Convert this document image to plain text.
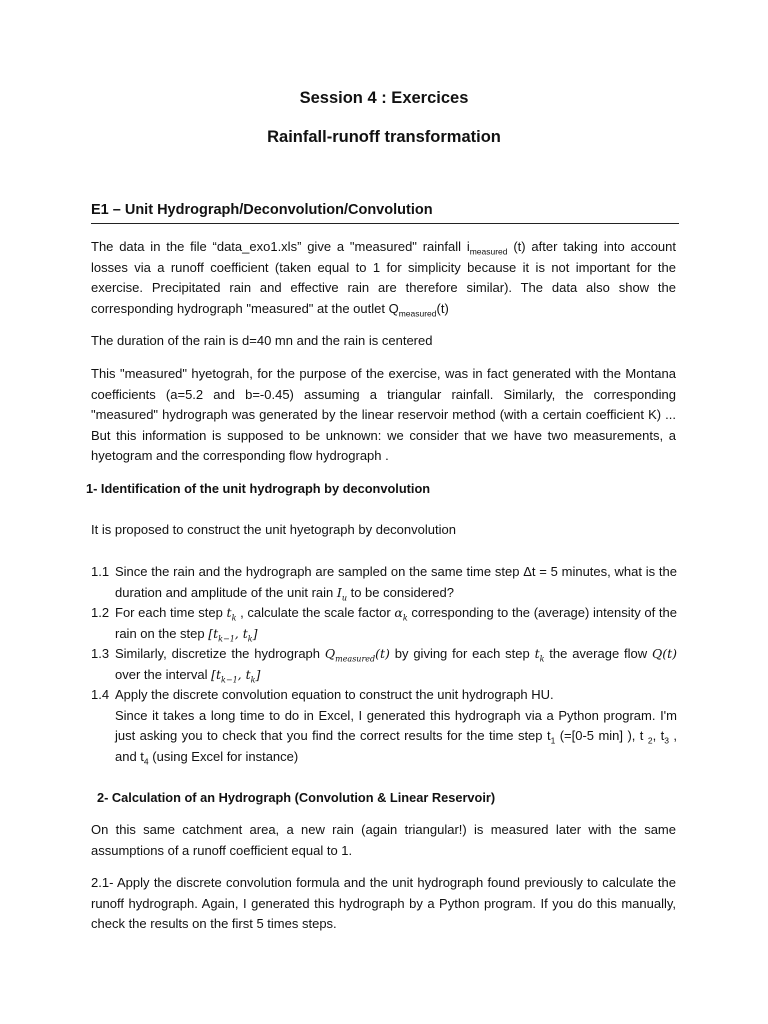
Session 4 : Exercices
Rainfall-runoff transformation
E1 – Unit Hydrograph/Deconvolution/Convolution

The data in the file “data_exo1.xls” give a "measured" rainfall $i_{measured}$ (t) after taking into account losses via a runoff coefficient (taken equal to 1 for simplicity because it is not important for the exercise. Precipitated rain and effective rain are therefore similar). The data also show the corresponding hydrograph "measured" at the outlet $Q_{measured}(t)$

The duration of the rain is d=40 mn and the rain is centered

This "measured" hyetograh, for the purpose of the exercise, was in fact generated with the Montana coefficients (a=5.2 and b=-0.45) assuming a triangular rainfall. Similarly, the corresponding "measured" hydrograph was generated by the linear reservoir method (with a certain coefficient K) ... But this information is supposed to be unknown: we consider that we have two measurements, a hyetogram and the corresponding flow hydrograph .

1- Identification of the unit hydrograph by deconvolution

It is proposed to construct the unit hyetograph by deconvolution

1.1 Since the rain and the hydrograph are sampled on the same time step Δt = 5 minutes, what is the duration and amplitude of the unit rain $I_u$ to be considered?
1.2 For each time step $t_k$ , calculate the scale factor $\alpha_k$ corresponding to the (average) intensity of the rain on the step [$t_{k-1}$, $t_k$]
1.3 Similarly, discretize the hydrograph $Q_{measured}(t)$ by giving for each step $t_k$ the average flow Q(t) over the interval [$t_{k-1}$, $t_k$]
1.4 Apply the discrete convolution equation to construct the unit hydrograph HU.
Since it takes a long time to do in Excel, I generated this hydrograph via a Python program. I'm just asking you to check that you find the correct results for the time step $t_1$ (=[0-5 min] ), t $_2$, $t_3$ , and $t_4$ (using Excel for instance)
2- Calculation of an Hydrograph (Convolution & Linear Reservoir)

On this same catchment area, a new rain (again triangular!) is measured later with the same assumptions of a runoff coefficient equal to 1.

2.1- Apply the discrete convolution formula and the unit hydrograph found previously to calculate the runoff hydrograph. Again, I generated this hydrograph by a Python program. If you do this manually, check the results on the first 5 times steps.
